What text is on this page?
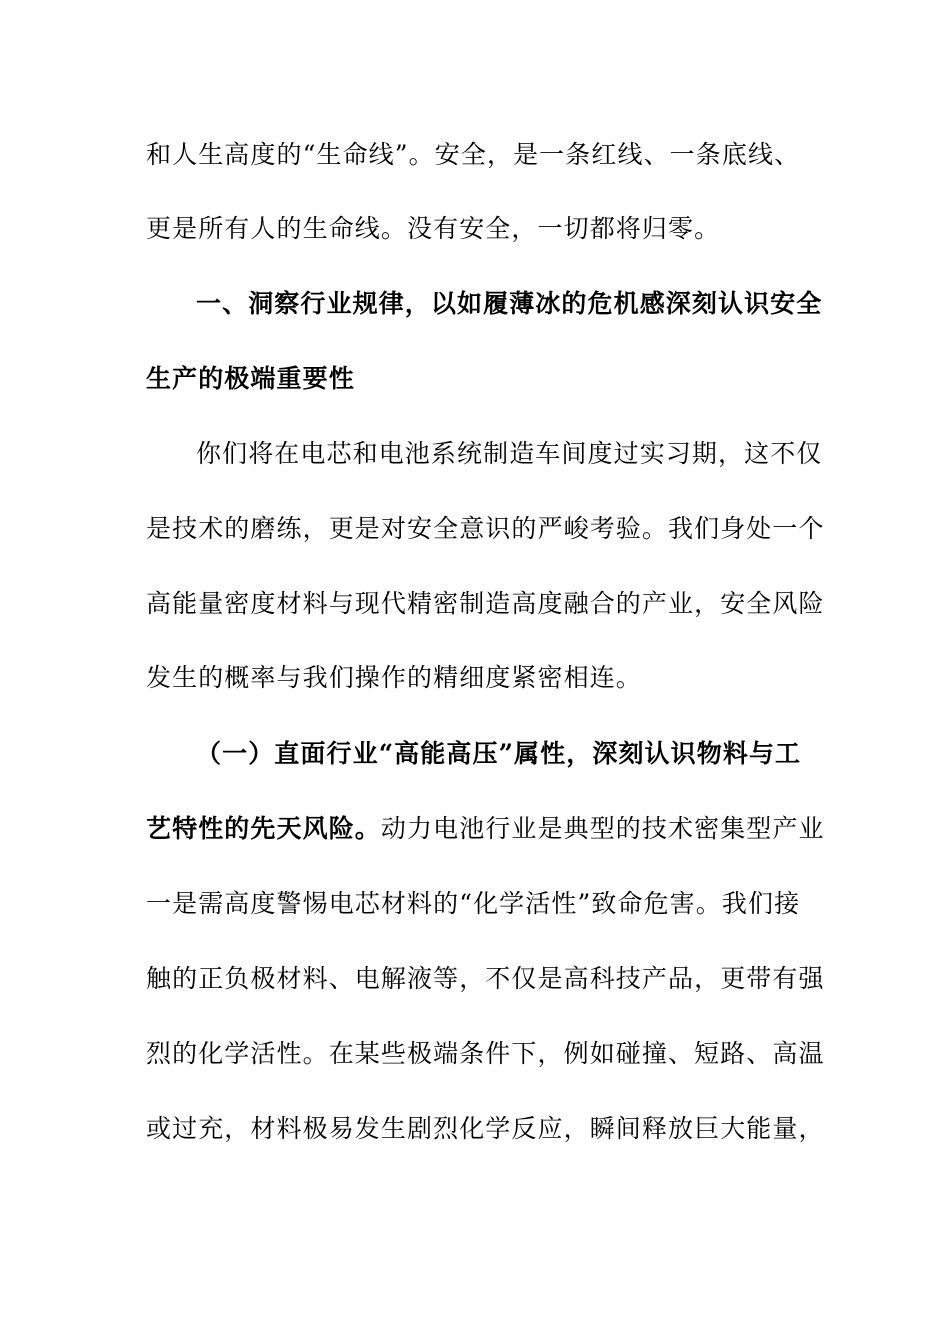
和人生高度的“生命线”。安全，是一条红线、一条底线、
更是所有人的生命线。没有安全，一切都将归零。
一、洞察行业规律，以如履薄冰的危机感深刻认识安全
生产的极端重要性
你们将在电芯和电池系统制造车间度过实习期，这不仅
是技术的磨练，更是对安全意识的严峻考验。我们身处一个
高能量密度材料与现代精密制造高度融合的产业，安全风险
发生的概率与我们操作的精细度紧密相连。
（一）直面行业“高能高压”属性，深刻认识物料与工
艺特性的先天风险。动力电池行业是典型的技术密集型产业
一是需高度警惕电芯材料的“化学活性”致命危害。我们接
触的正负极材料、电解液等，不仅是高科技产品，更带有强
烈的化学活性。在某些极端条件下，例如碰撞、短路、高温
或过充，材料极易发生剧烈化学反应，瞬间释放巨大能量，
